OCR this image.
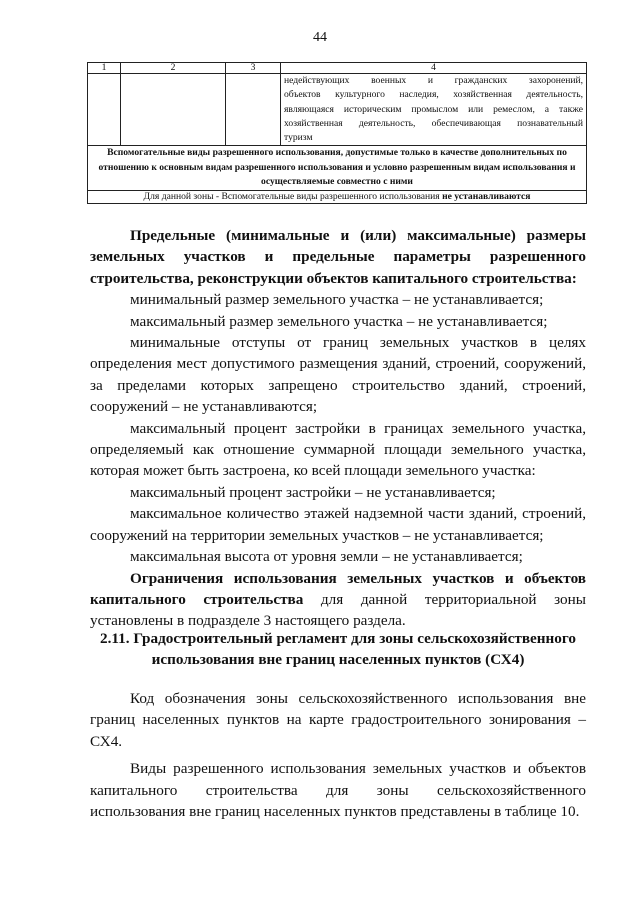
44
1	2	3	4

			недействующих военных и гражданских захоронений,
объектов культурного наследия, хозяйственная деятельность,
являющаяся историческим промыслом или ремеслом, а также
хозяйственная деятельность, обеспечивающая познавательный
туризм

Вспомогательные виды разрешенного использования, допустимые только в качестве дополнительных по отношению к основным видам разрешенного использования и условно разрешенным видам использования и осуществляемые совместно с ними			
Для данной зоны - Вспомогательные виды разрешенного использования не устанавливаются			

Предельные (минимальные и (или) максимальные) размеры земельных участков и предельные параметры разрешенного строительства, реконструкции объектов капитального строительства:

минимальный размер земельного участка – не устанавливается;

максимальный размер земельного участка – не устанавливается;

минимальные отступы от границ земельных участков в целях определения мест допустимого размещения зданий, строений, сооружений, за пределами которых запрещено строительство зданий, строений, сооружений – не устанавливаются;

максимальный процент застройки в границах земельного участка, определяемый как отношение суммарной площади земельного участка, которая может быть застроена, ко всей площади земельного участка:

максимальный процент застройки – не устанавливается;

максимальное количество этажей надземной части зданий, строений, сооружений на территории земельных участков – не устанавливается;

максимальная высота от уровня земли – не устанавливается;

Ограничения использования земельных участков и объектов капитального строительства для данной территориальной зоны установлены в подразделе 3 настоящего раздела.

2.11. Градостроительный регламент для зоны сельскохозяйственного
использования вне границ населенных пунктов (СХ4)

Код обозначения зоны сельскохозяйственного использования вне границ населенных пунктов на карте градостроительного зонирования – СХ4.

Виды разрешенного использования земельных участков и объектов капитального строительства для зоны сельскохозяйственного использования вне границ населенных пунктов представлены в таблице 10.
